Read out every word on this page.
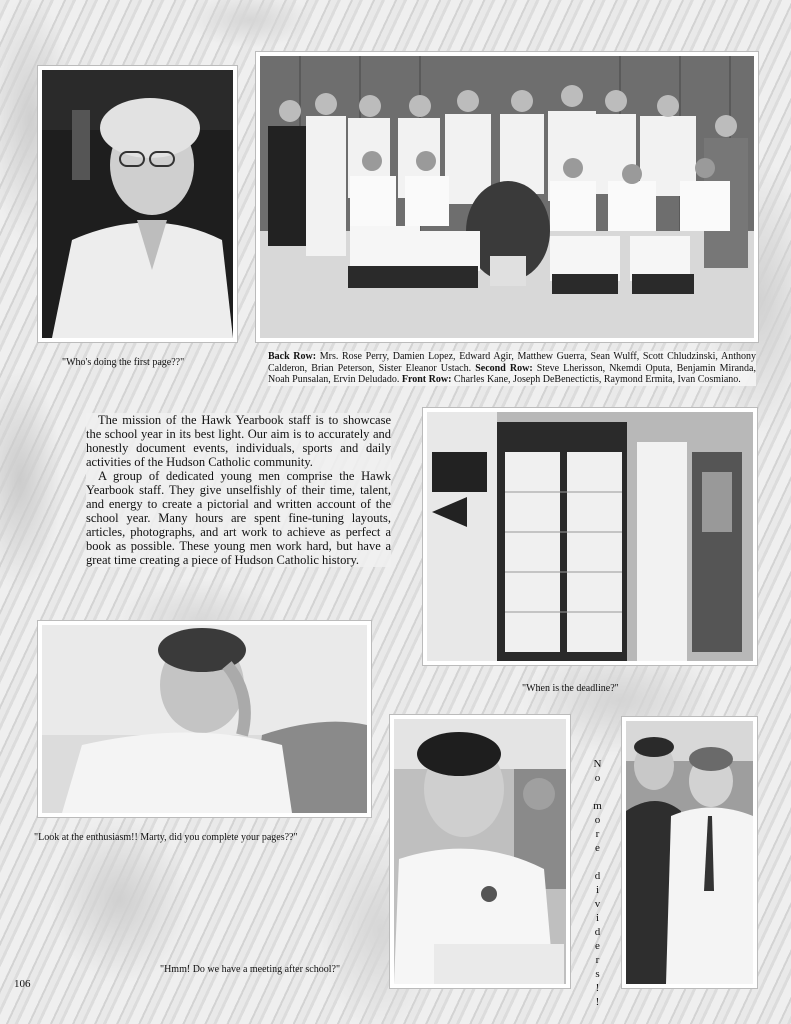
"Who's doing the first page??"
Back Row: Mrs. Rose Perry, Damien Lopez, Edward Agir, Matthew Guerra, Sean Wulff, Scott Chludzinski, Anthony Calderon, Brian Peterson, Sister Eleanor Ustach. Second Row: Steve Lherisson, Nkemdi Oputa, Benjamin Miranda, Noah Punsalan, Ervin Deludado. Front Row: Charles Kane, Joseph DeBenectictis, Raymond Ermita, Ivan Cosmiano.

The mission of the Hawk Yearbook staff is to showcase the school year in its best light. Our aim is to accurately and honestly document events, individuals, sports and daily activities of the Hudson Catholic community.

A group of dedicated young men comprise the Hawk Yearbook staff. They give unselfishly of their time, talent, and energy to create a pictorial and written account of the school year. Many hours are spent fine-tuning layouts, articles, photographs, and art work to achieve as perfect a book as possible. These young men work hard, but have a great time creating a piece of Hudson Catholic history.

"When is the deadline?"
"Look at the enthusiasm!! Marty, did you complete your pages??"	No more dividers!!
"Hmm! Do we have a meeting after school?"
106
